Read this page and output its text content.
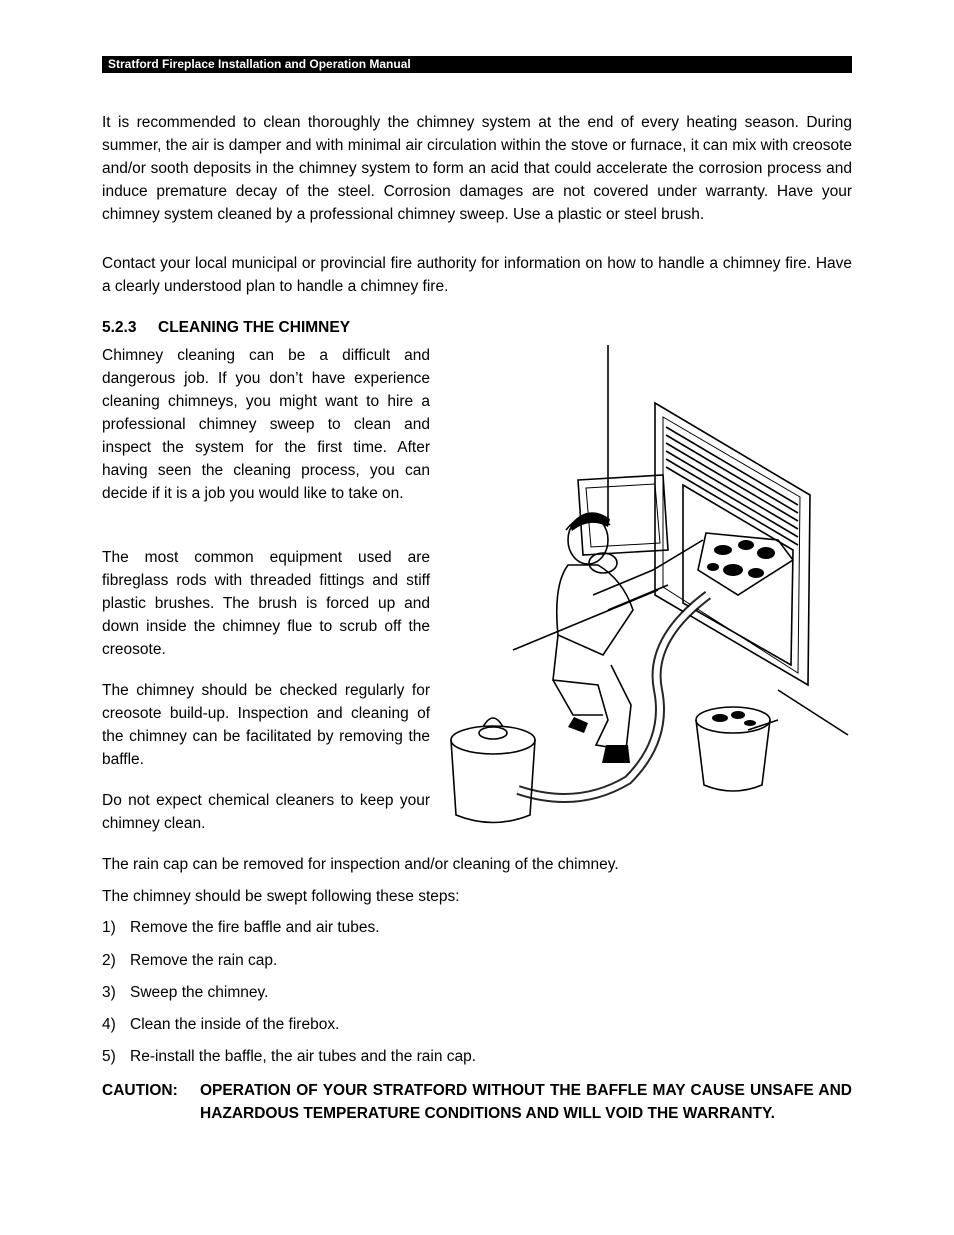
Stratford Fireplace Installation and Operation Manual

It is recommended to clean thoroughly the chimney system at the end of every heating season. During summer, the air is damper and with minimal air circulation within the stove or furnace, it can mix with creosote and/or sooth deposits in the chimney system to form an acid that could accelerate the corrosion process and induce premature decay of the steel. Corrosion damages are not covered under warranty. Have your chimney system cleaned by a professional chimney sweep. Use a plastic or steel brush.

Contact your local municipal or provincial fire authority for information on how to handle a chimney fire. Have a clearly understood plan to handle a chimney fire.

5.2.3 CLEANING THE CHIMNEY

Chimney cleaning can be a difficult and dangerous job. If you don’t have experience cleaning chimneys, you might want to hire a professional chimney sweep to clean and inspect the system for the first time. After having seen the cleaning process, you can decide if it is a job you would like to take on.

The most common equipment used are fibreglass rods with threaded fittings and stiff plastic brushes. The brush is forced up and down inside the chimney flue to scrub off the creosote.

The chimney should be checked regularly for creosote build-up. Inspection and cleaning of the chimney can be facilitated by removing the baffle.

Do not expect chemical cleaners to keep your chimney clean.

The rain cap can be removed for inspection and/or cleaning of the chimney.
The chimney should be swept following these steps:
1) Remove the fire baffle and air tubes.
2) Remove the rain cap.
3) Sweep the chimney.
4) Clean the inside of the firebox.
5) Re-install the baffle, the air tubes and the rain cap.
CAUTION: OPERATION OF YOUR STRATFORD WITHOUT THE BAFFLE MAY CAUSE UNSAFE AND HAZARDOUS TEMPERATURE CONDITIONS AND WILL VOID THE WARRANTY.
